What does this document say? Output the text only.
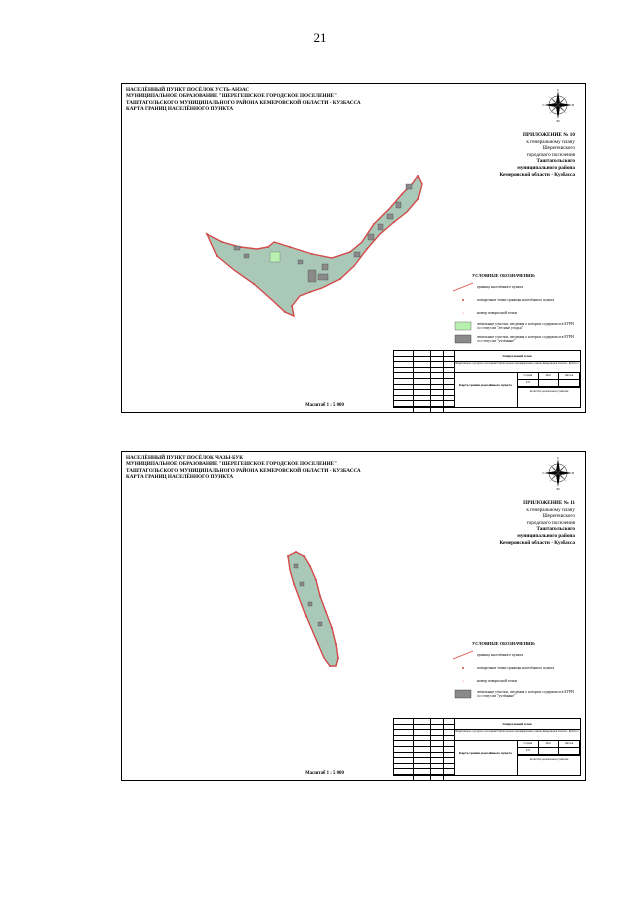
21
НАСЕЛЁННЫЙ ПУНКТ ПОСЁЛОК УСТЬ-АНЗАС
МУНИЦИПАЛЬНОЕ ОБРАЗОВАНИЕ "ШЕРЕГЕШСКОЕ ГОРОДСКОЕ ПОСЕЛЕНИЕ"
ТАШТАГОЛЬСКОГО МУНИЦИПАЛЬНОГО РАЙОНА КЕМЕРОВСКОЙ ОБЛАСТИ - КУЗБАССА
КАРТА ГРАНИЦ НАСЕЛЁННОГО ПУНКТА
С
Ю
В
З
ПРИЛОЖЕНИЕ № 10
к генеральному плану
Шерегешского
городского поселения
Таштагольского
муниципального района
Кемеровской области - Кузбасса
УСЛОВНЫЕ ОБОЗНАЧЕНИЯ:
граница населённого пункта
поворотные точки границы населённого пункта
1	номер поворотной точки
земельные участки, сведения о которых содержатся в ЕГРН со статусом "лесные угодья"
земельные участки, сведения о которых содержатся в ЕГРН со статусом "учтённые"
Генеральный план
Шерегешского городского поселения Таштагольского муниципального района Кемеровской области - Кузбасса
Карта границ населённого пункта
Стадия	Лист	Листов
ГП
Агентство регионального развития
Масштаб 1 : 5 000
НАСЕЛЁННЫЙ ПУНКТ ПОСЁЛОК ЧАЗЫ-БУК
МУНИЦИПАЛЬНОЕ ОБРАЗОВАНИЕ "ШЕРЕГЕШСКОЕ ГОРОДСКОЕ ПОСЕЛЕНИЕ"
ТАШТАГОЛЬСКОГО МУНИЦИПАЛЬНОГО РАЙОНА КЕМЕРОВСКОЙ ОБЛАСТИ - КУЗБАССА
КАРТА ГРАНИЦ НАСЕЛЁННОГО ПУНКТА
С
Ю
В
З
ПРИЛОЖЕНИЕ № 11
к генеральному плану
Шерегешского
городского поселения
Таштагольского
муниципального района
Кемеровской области - Кузбасса
УСЛОВНЫЕ ОБОЗНАЧЕНИЯ:
граница населённого пункта
поворотные точки границы населённого пункта
1	номер поворотной точки
земельные участки, сведения о которых содержатся в ЕГРН со статусом "учтённые"
Генеральный план
Шерегешского городского поселения Таштагольского муниципального района Кемеровской области - Кузбасса
Карта границ населённого пункта
Стадия	Лист	Листов
ГП
Агентство регионального развития
Масштаб 1 : 5 000
